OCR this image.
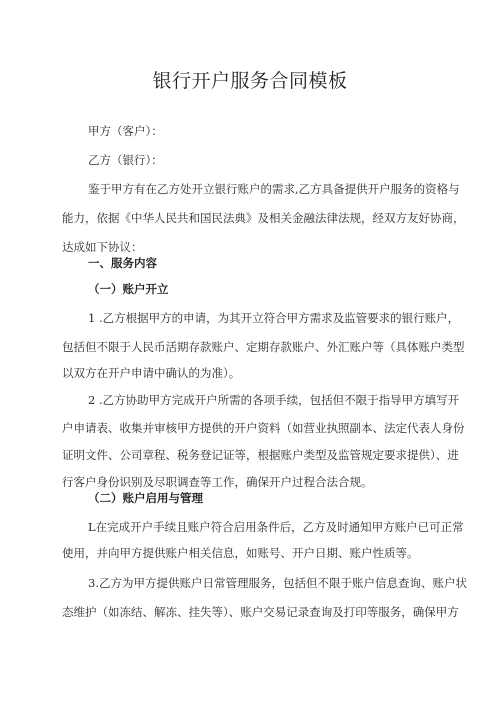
银行开户服务合同模板
甲方（客户）：
乙方（银行）：
鉴于甲方有在乙方处开立银行账户的需求,乙方具备提供开户服务的资格与
能力，依据《中华人民共和国民法典》及相关金融法律法规，经双方友好协商，
达成如下协议：
一、服务内容
（一）账户开立
1 .乙方根据甲方的申请，为其开立符合甲方需求及监管要求的银行账户，
包括但不限于人民币活期存款账户、定期存款账户、外汇账户等（具体账户类型
以双方在开户申请中确认的为准）。
2 .乙方协助甲方完成开户所需的各项手续，包括但不限于指导甲方填写开
户申请表、收集并审核甲方提供的开户资料（如营业执照副本、法定代表人身份
证明文件、公司章程、税务登记证等，根据账户类型及监管规定要求提供）、进
行客户身份识别及尽职调查等工作，确保开户过程合法合规。
（二）账户启用与管理
L在完成开户手续且账户符合启用条件后，乙方及时通知甲方账户已可正常
使用，并向甲方提供账户相关信息，如账号、开户日期、账户性质等。
3.乙方为甲方提供账户日常管理服务，包括但不限于账户信息查询、账户状
态维护（如冻结、解冻、挂失等）、账户交易记录查询及打印等服务，确保甲方
